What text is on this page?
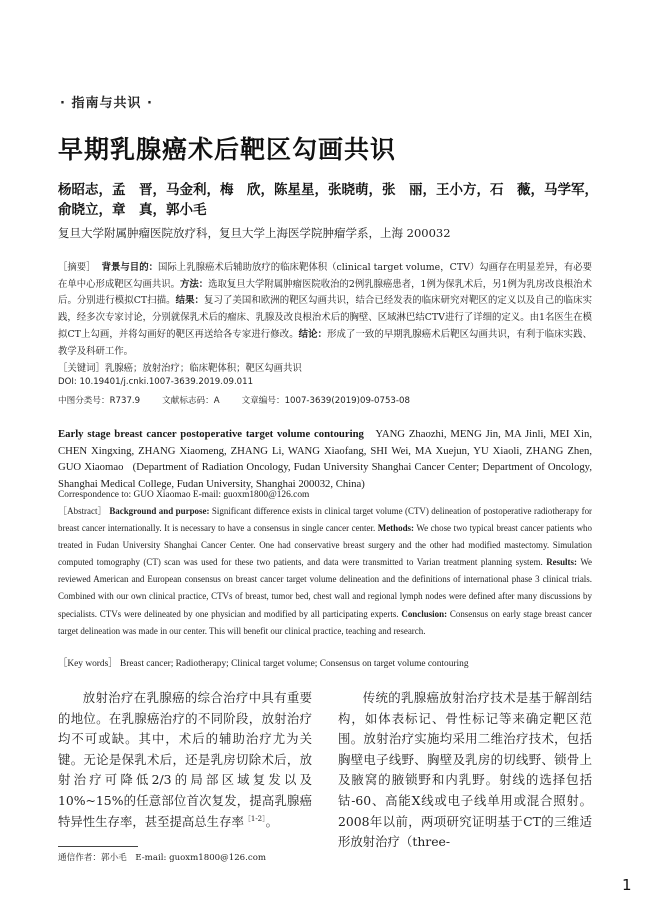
· 指南与共识 ·
早期乳腺癌术后靶区勾画共识
杨昭志，孟　晋，马金利，梅　欣，陈星星，张晓萌，张　丽，王小方，石　薇，马学军，俞晓立，章　真，郭小毛
复旦大学附属肿瘤医院放疗科，复旦大学上海医学院肿瘤学系，上海 200032
［摘要］ 背景与目的：国际上乳腺癌术后辅助放疗的临床靶体积（clinical target volume，CTV）勾画存在明显差异，有必要在单中心形成靶区勾画共识。方法：选取复旦大学附属肿瘤医院收治的2例乳腺癌患者，1例为保乳术后，另1例为乳房改良根治术后。分别进行模拟CT扫描。结果：复习了美国和欧洲的靶区勾画共识，结合已经发表的临床研究对靶区的定义以及自己的临床实践，经多次专家讨论，分别就保乳术后的瘤床、乳腺及改良根治术后的胸壁、区域淋巴结CTV进行了详细的定义。由1名医生在模拟CT上勾画，并将勾画好的靶区再送给各专家进行修改。结论：形成了一致的早期乳腺癌术后靶区勾画共识，有利于临床实践、教学及科研工作。
［关键词］乳腺癌；放射治疗；临床靶体积；靶区勾画共识
DOI: 10.19401/j.cnki.1007-3639.2019.09.011
中图分类号：R737.9	文献标志码：A	文章编号：1007-3639(2019)09-0753-08
Early stage breast cancer postoperative target volume contouring YANG Zhaozhi, MENG Jin, MA Jinli, MEI Xin, CHEN Xingxing, ZHANG Xiaomeng, ZHANG Li, WANG Xiaofang, SHI Wei, MA Xuejun, YU Xiaoli, ZHANG Zhen, GUO Xiaomao (Department of Radiation Oncology, Fudan University Shanghai Cancer Center; Department of Oncology, Shanghai Medical College, Fudan University, Shanghai 200032, China)
Correspondence to: GUO Xiaomao E-mail: guoxm1800@126.com
［Abstract］ Background and purpose: Significant difference exists in clinical target volume (CTV) delineation of postoperative radiotherapy for breast cancer internationally. It is necessary to have a consensus in single cancer center. Methods: We chose two typical breast cancer patients who treated in Fudan University Shanghai Cancer Center. One had conservative breast surgery and the other had modified mastectomy. Simulation computed tomography (CT) scan was used for these two patients, and data were transmitted to Varian treatment planning system. Results: We reviewed American and European consensus on breast cancer target volume delineation and the definitions of international phase 3 clinical trials. Combined with our own clinical practice, CTVs of breast, tumor bed, chest wall and regional lymph nodes were defined after many discussions by specialists. CTVs were delineated by one physician and modified by all participating experts. Conclusion: Consensus on early stage breast cancer target delineation was made in our center. This will benefit our clinical practice, teaching and research.
［Key words］ Breast cancer; Radiotherapy; Clinical target volume; Consensus on target volume contouring

放射治疗在乳腺癌的综合治疗中具有重要的地位。在乳腺癌治疗的不同阶段，放射治疗均不可或缺。其中，术后的辅助治疗尤为关键。无论是保乳术后，还是乳房切除术后，放射治疗可降低2/3的局部区域复发以及10%~15%的任意部位首次复发，提高乳腺癌特异性生存率，甚至提高总生存率$^{[1-2]}$。

传统的乳腺癌放射治疗技术是基于解剖结构，如体表标记、骨性标记等来确定靶区范围。放射治疗实施均采用二维治疗技术，包括胸壁电子线野、胸壁及乳房的切线野、锁骨上及腋窝的腋锁野和内乳野。射线的选择包括钴-60、高能X线或电子线单用或混合照射。2008年以前，两项研究证明基于CT的三维适形放射治疗（three-

通信作者：郭小毛　E-mail: guoxm1800@126.com
1
